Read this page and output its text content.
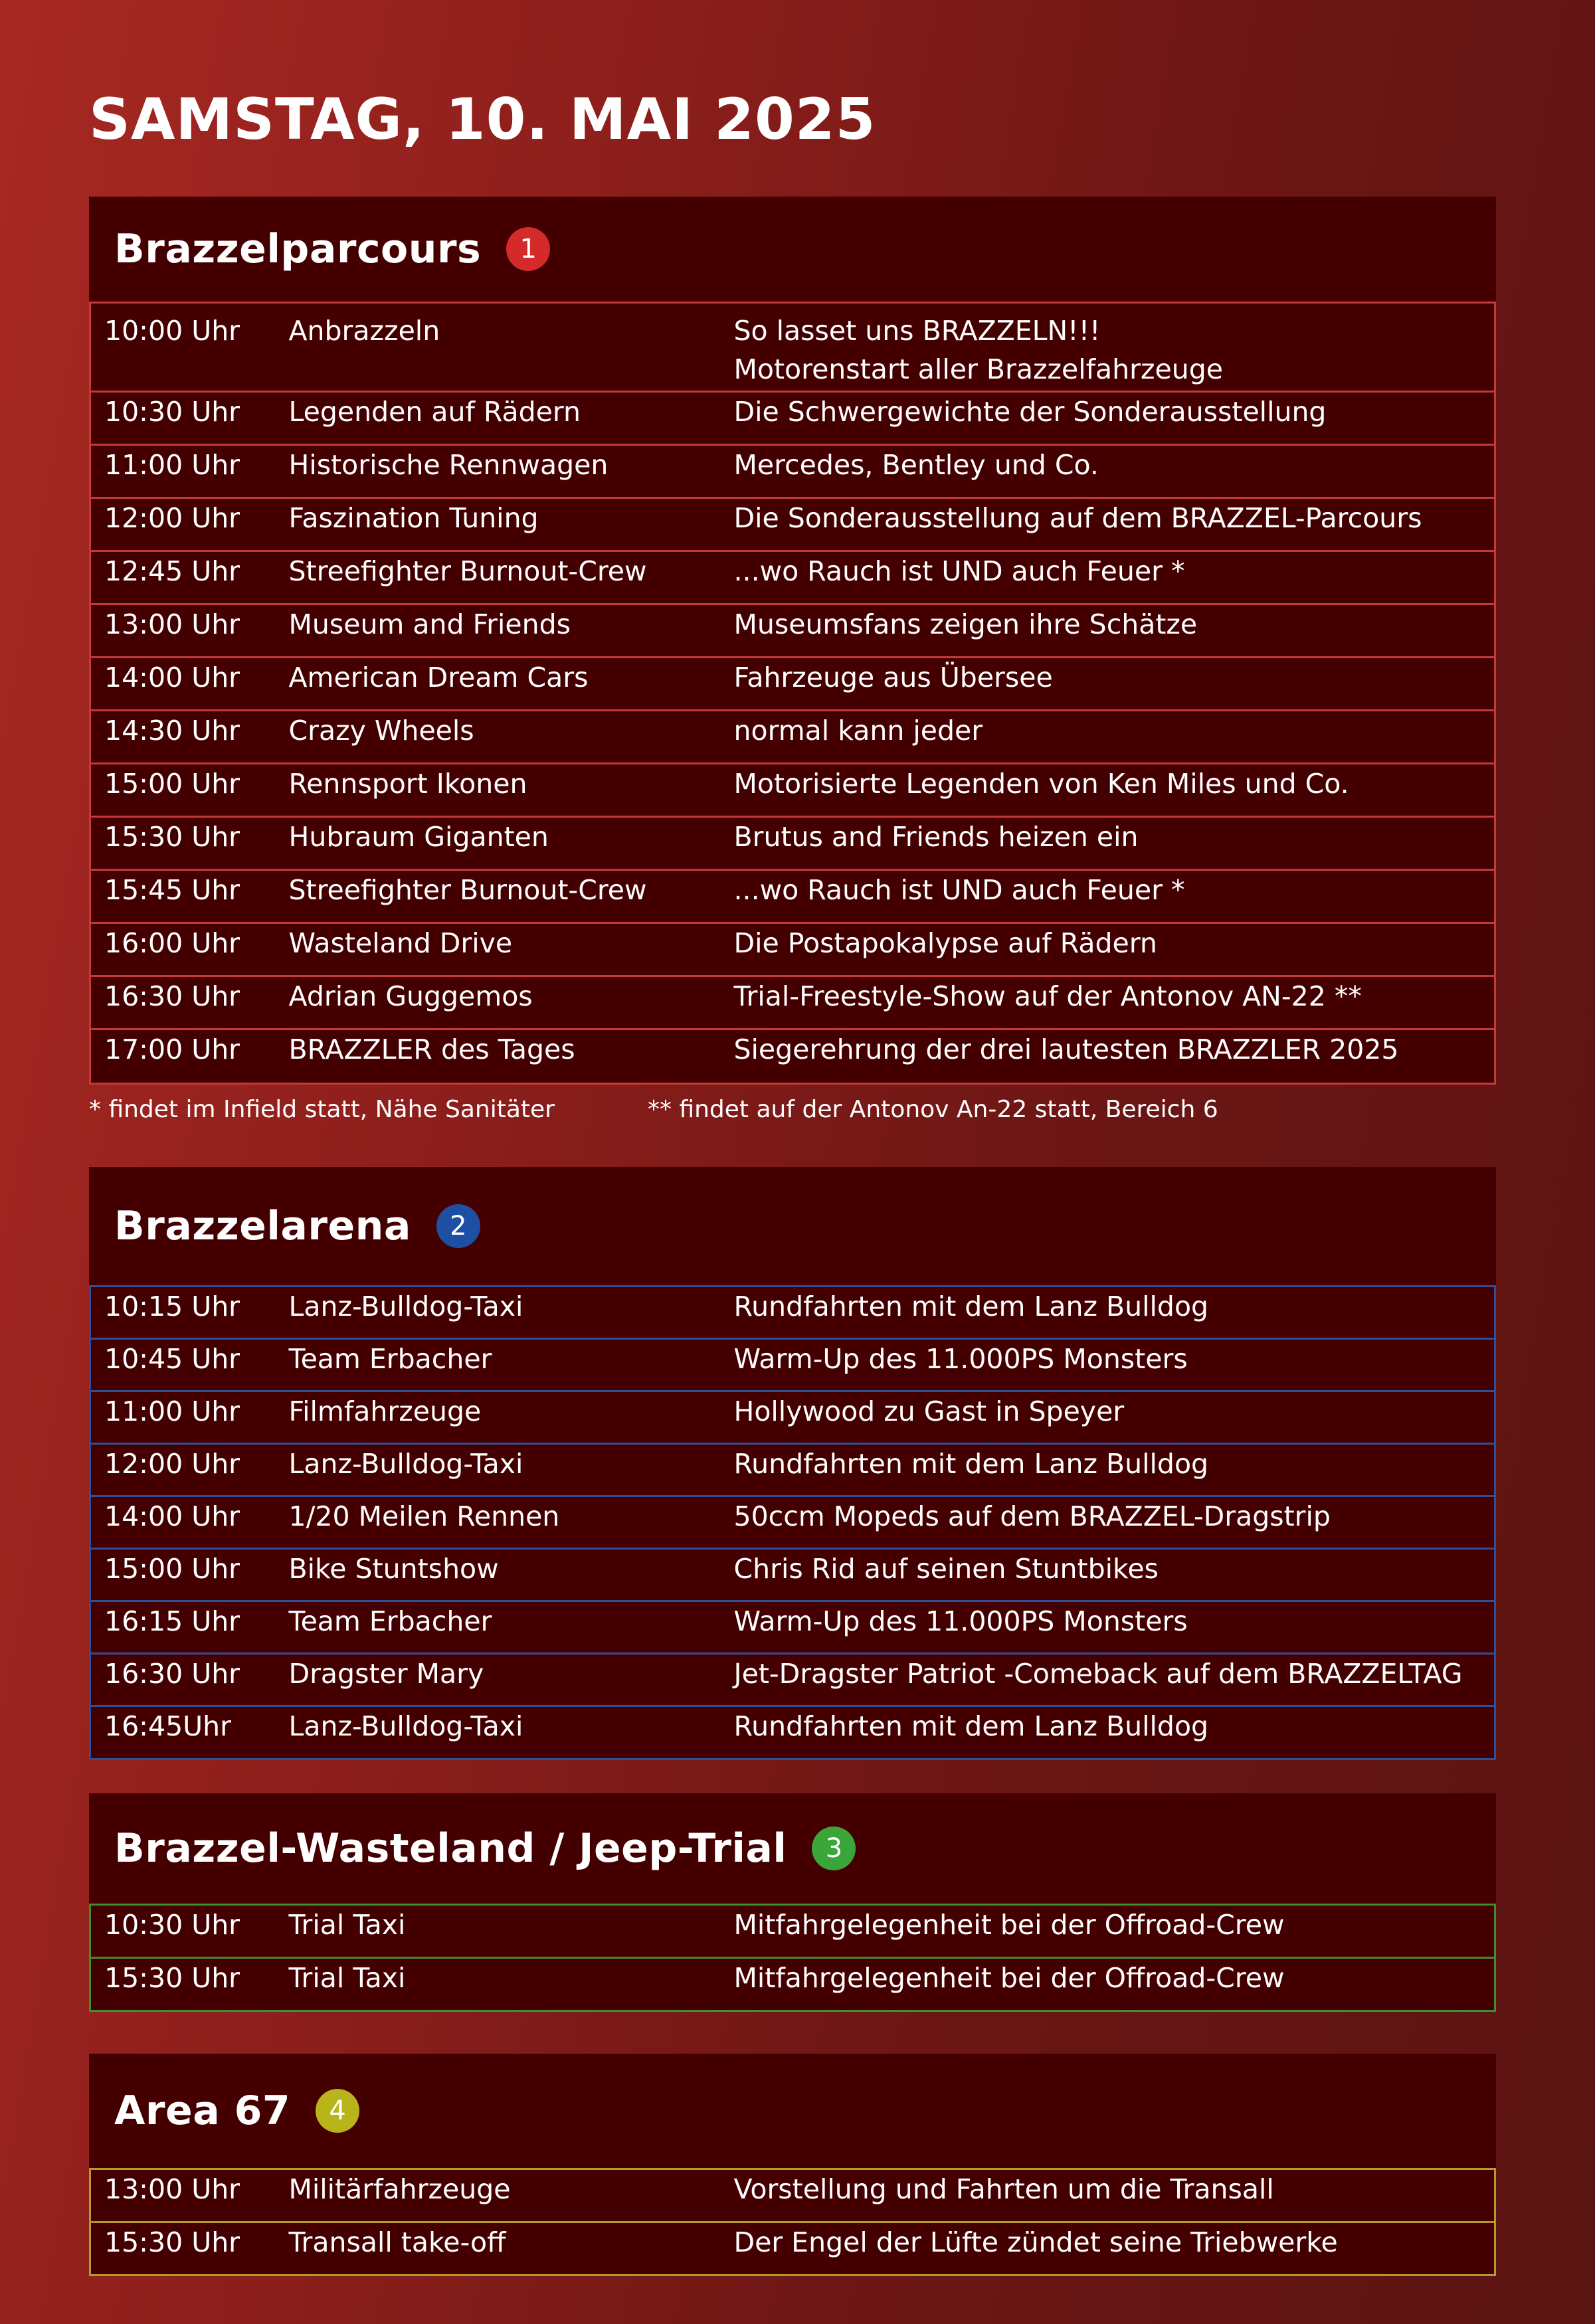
SAMSTAG, 10. MAI 2025
Brazzelparcours	1
10:00 Uhr	Anbrazzeln	So lasset uns BRAZZELN!!!
Motorenstart aller Brazzelfahrzeuge

10:30 Uhr	Legenden auf Rädern	Die Schwergewichte der Sonderausstellung
11:00 Uhr	Historische Rennwagen	Mercedes, Bentley und Co.
12:00 Uhr	Faszination Tuning	Die Sonderausstellung auf dem BRAZZEL-Parcours
12:45 Uhr	Streefighter Burnout-Crew	...wo Rauch ist UND auch Feuer *
13:00 Uhr	Museum and Friends	Museumsfans zeigen ihre Schätze
14:00 Uhr	American Dream Cars	Fahrzeuge aus Übersee
14:30 Uhr	Crazy Wheels	normal kann jeder
15:00 Uhr	Rennsport Ikonen	Motorisierte Legenden von Ken Miles und Co.
15:30 Uhr	Hubraum Giganten	Brutus and Friends heizen ein
15:45 Uhr	Streefighter Burnout-Crew	...wo Rauch ist UND auch Feuer *
16:00 Uhr	Wasteland Drive	Die Postapokalypse auf Rädern
16:30 Uhr	Adrian Guggemos	Trial-Freestyle-Show auf der Antonov AN-22 **
17:00 Uhr	BRAZZLER des Tages	Siegerehrung der drei lautesten BRAZZLER 2025
* findet im Infield statt, Nähe Sanitäter	** findet auf der Antonov An-22 statt, Bereich 6
Brazzelarena	2
10:15 Uhr	Lanz-Bulldog-Taxi	Rundfahrten mit dem Lanz Bulldog
10:45 Uhr	Team Erbacher	Warm-Up des 11.000PS Monsters
11:00 Uhr	Filmfahrzeuge	Hollywood zu Gast in Speyer
12:00 Uhr	Lanz-Bulldog-Taxi	Rundfahrten mit dem Lanz Bulldog
14:00 Uhr	1/20 Meilen Rennen	50ccm Mopeds auf dem BRAZZEL-Dragstrip
15:00 Uhr	Bike Stuntshow	Chris Rid auf seinen Stuntbikes
16:15 Uhr	Team Erbacher	Warm-Up des 11.000PS Monsters
16:30 Uhr	Dragster Mary	Jet-Dragster Patriot -Comeback auf dem BRAZZELTAG
16:45Uhr	Lanz-Bulldog-Taxi	Rundfahrten mit dem Lanz Bulldog
Brazzel-Wasteland / Jeep-Trial	3
10:30 Uhr	Trial Taxi	Mitfahrgelegenheit bei der Offroad-Crew
15:30 Uhr	Trial Taxi	Mitfahrgelegenheit bei der Offroad-Crew
Area 67	4
13:00 Uhr	Militärfahrzeuge	Vorstellung und Fahrten um die Transall
15:30 Uhr	Transall take-off	Der Engel der Lüfte zündet seine Triebwerke
